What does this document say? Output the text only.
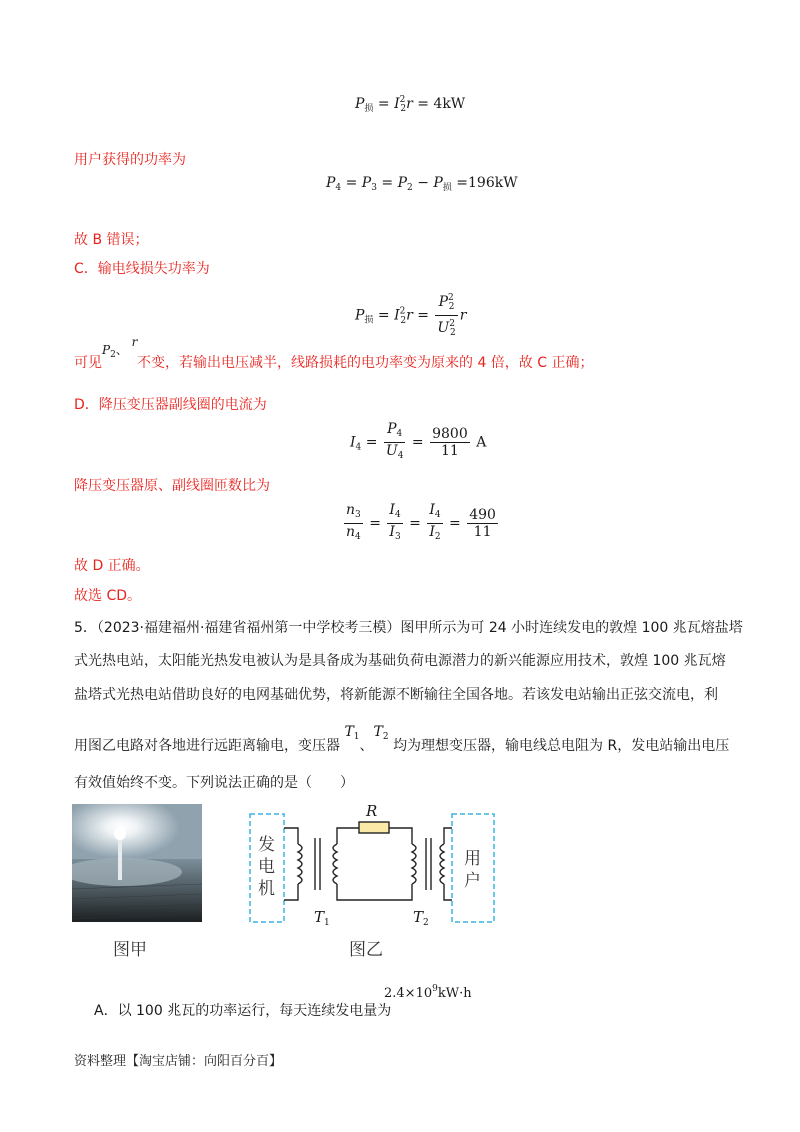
$P_损 = I^2_2r = 4kW$
用户获得的功率为
$P_4 = P_3 = P_2 - P_损 =196kW$
故 B 错误；
C．输电线损失功率为
$P_损 = I^2_2r = \frac{P^2_2}{U^2_2}$ r
可见
$P_2$、 r
不变，若输出电压减半，线路损耗的电功率变为原来的 4 倍，故 C 正确；
D．降压变压器副线圈的电流为
$I_4 = \frac{P_4}{U_4} = \frac{9800}{11}$ A
降压变压器原、副线圈匝数比为
$\frac{n_3}{n_4} = \frac{I_4}{I_3} = \frac{I_4}{I_2} = \frac{490}{11}$
故 D 正确。
故选 CD。
5．（2023·福建福州·福建省福州第一中学校考三模）图甲所示为可 24 小时连续发电的敦煌 100 兆瓦熔盐塔
式光热电站，太阳能光热发电被认为是具备成为基础负荷电源潜力的新兴能源应用技术，敦煌 100 兆瓦熔
盐塔式光热电站借助良好的电网基础优势，将新能源不断输往全国各地。若该发电站输出正弦交流电，利
用图乙电路对各地进行远距离输电，变压器 $T_1$、$T_2$ 均为理想变压器，输电线总电阻为 R，发电站输出电压
有效值始终不变。下列说法正确的是（　　）
图甲
发电机
用户
R
$T_1$	$T_2$
图乙
A．以 100 兆瓦的功率运行，每天连续发电量为
$2.4\times 10^9kW\cdot h$
资料整理【淘宝店铺：向阳百分百】
